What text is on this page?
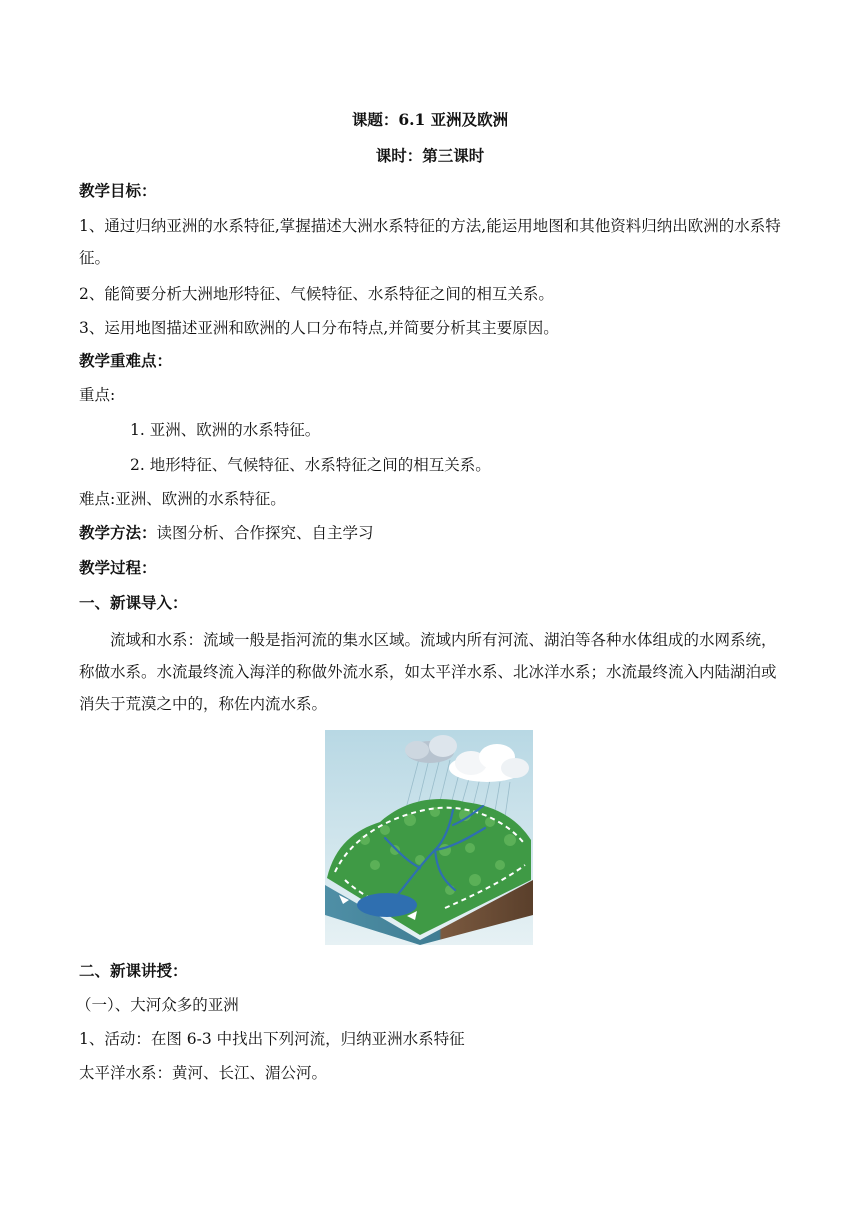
课题：6.1 亚洲及欧洲
课时：第三课时
教学目标：
1、通过归纳亚洲的水系特征,掌握描述大洲水系特征的方法,能运用地图和其他资料归纳出欧洲的水系特征。
2、能简要分析大洲地形特征、气候特征、水系特征之间的相互关系。
3、运用地图描述亚洲和欧洲的人口分布特点,并简要分析其主要原因。
教学重难点：
重点:
1. 亚洲、欧洲的水系特征。
2. 地形特征、气候特征、水系特征之间的相互关系。
难点:亚洲、欧洲的水系特征。
教学方法：读图分析、合作探究、自主学习
教学过程：
一、新课导入：
流域和水系：流域一般是指河流的集水区域。流域内所有河流、湖泊等各种水体组成的水网系统，称做水系。水流最终流入海洋的称做外流水系，如太平洋水系、北冰洋水系；水流最终流入内陆湖泊或消失于荒漠之中的，称佐内流水系。
二、新课讲授：
（一）、大河众多的亚洲
1、活动：在图 6-3 中找出下列河流，归纳亚洲水系特征
太平洋水系：黄河、长江、湄公河。
